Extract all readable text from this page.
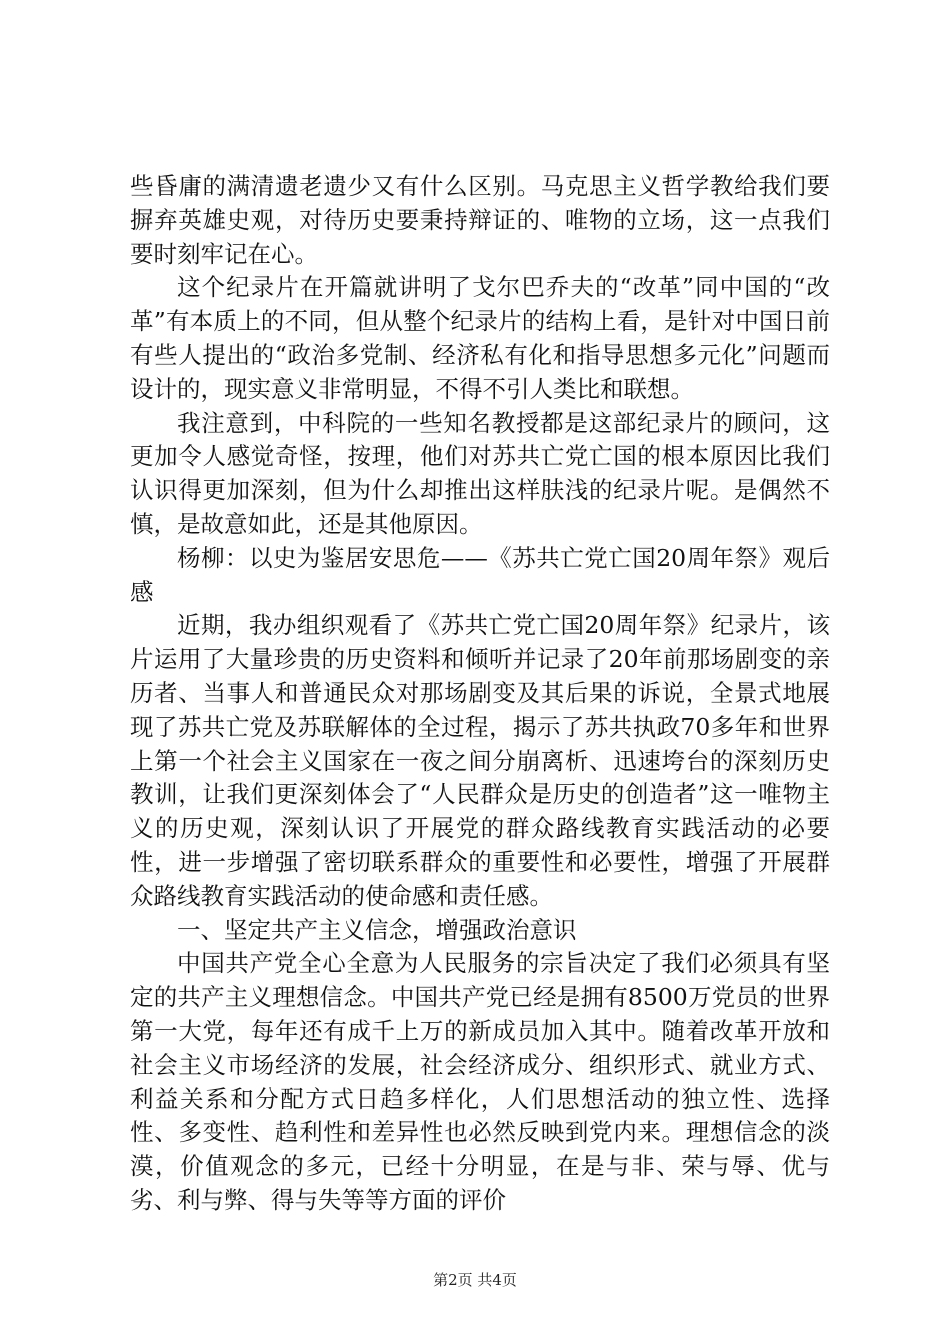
些昏庸的满清遗老遗少又有什么区别。马克思主义哲学教给我们要摒弃英雄史观，对待历史要秉持辩证的、唯物的立场，这一点我们要时刻牢记在心。

这个纪录片在开篇就讲明了戈尔巴乔夫的“改革”同中国的“改革”有本质上的不同，但从整个纪录片的结构上看，是针对中国日前有些人提出的“政治多党制、经济私有化和指导思想多元化”问题而设计的，现实意义非常明显，不得不引人类比和联想。

我注意到，中科院的一些知名教授都是这部纪录片的顾问，这更加令人感觉奇怪，按理，他们对苏共亡党亡国的根本原因比我们认识得更加深刻，但为什么却推出这样肤浅的纪录片呢。是偶然不慎，是故意如此，还是其他原因。

杨柳：以史为鉴居安思危——《苏共亡党亡国20周年祭》观后感

近期，我办组织观看了《苏共亡党亡国20周年祭》纪录片，该片运用了大量珍贵的历史资料和倾听并记录了20年前那场剧变的亲历者、当事人和普通民众对那场剧变及其后果的诉说，全景式地展现了苏共亡党及苏联解体的全过程，揭示了苏共执政70多年和世界上第一个社会主义国家在一夜之间分崩离析、迅速垮台的深刻历史教训，让我们更深刻体会了“人民群众是历史的创造者”这一唯物主义的历史观，深刻认识了开展党的群众路线教育实践活动的必要性，进一步增强了密切联系群众的重要性和必要性，增强了开展群众路线教育实践活动的使命感和责任感。

一、坚定共产主义信念，增强政治意识

中国共产党全心全意为人民服务的宗旨决定了我们必须具有坚定的共产主义理想信念。中国共产党已经是拥有8500万党员的世界第一大党，每年还有成千上万的新成员加入其中。随着改革开放和社会主义市场经济的发展，社会经济成分、组织形式、就业方式、利益关系和分配方式日趋多样化，人们思想活动的独立性、选择性、多变性、趋利性和差异性也必然反映到党内来。理想信念的淡漠，价值观念的多元，已经十分明显，在是与非、荣与辱、优与劣、利与弊、得与失等等方面的评价

第2页 共4页
